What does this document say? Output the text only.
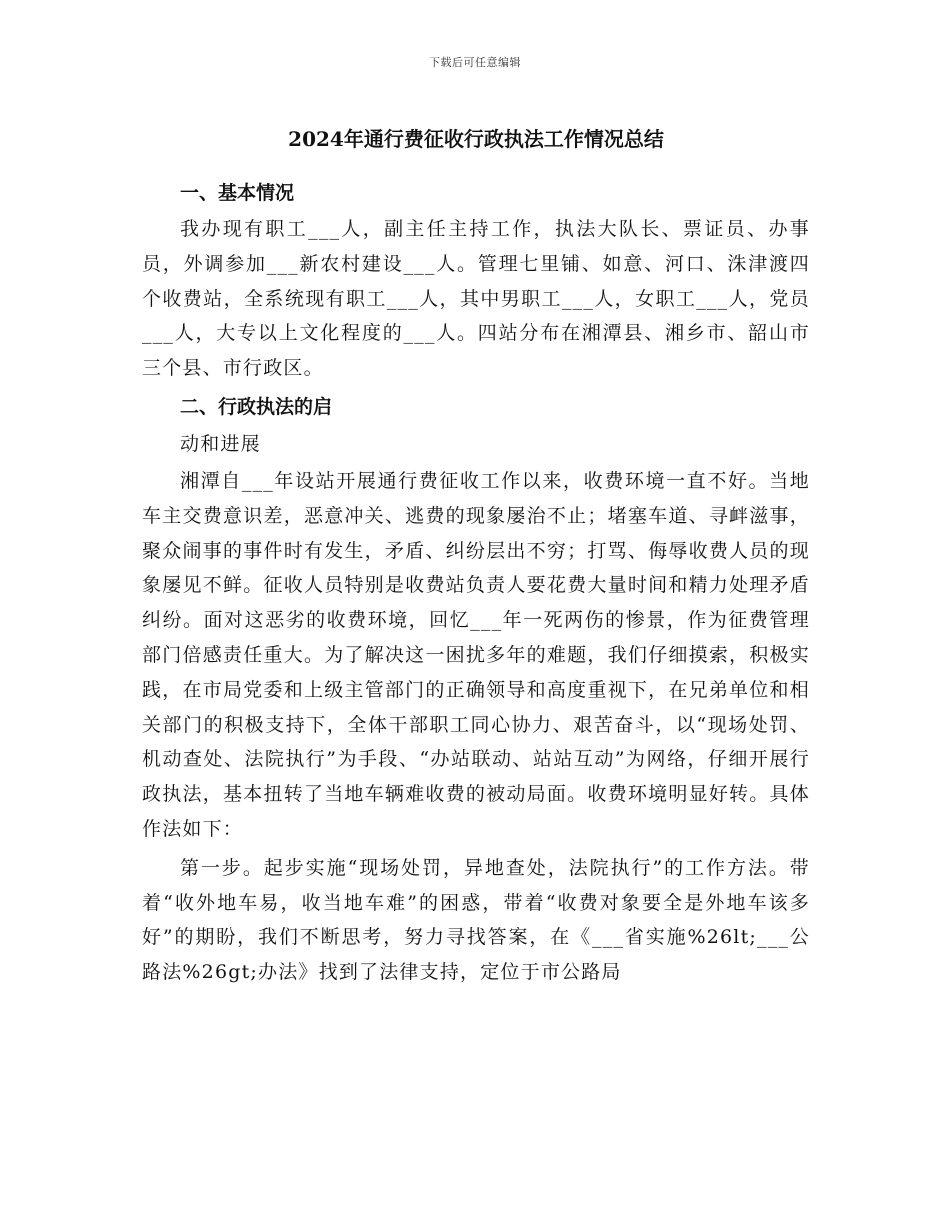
下载后可任意编辑
2024年通行费征收行政执法工作情况总结
一、基本情况
我办现有职工___人，副主任主持工作，执法大队长、票证员、办事员，外调参加___新农村建设___人。管理七里铺、如意、河口、洙津渡四个收费站，全系统现有职工___人，其中男职工___人，女职工___人，党员___人，大专以上文化程度的___人。四站分布在湘潭县、湘乡市、韶山市三个县、市行政区。
二、行政执法的启
动和进展
湘潭自___年设站开展通行费征收工作以来，收费环境一直不好。当地车主交费意识差，恶意冲关、逃费的现象屡治不止；堵塞车道、寻衅滋事，聚众闹事的事件时有发生，矛盾、纠纷层出不穷；打骂、侮辱收费人员的现象屡见不鲜。征收人员特别是收费站负责人要花费大量时间和精力处理矛盾纠纷。面对这恶劣的收费环境，回忆___年一死两伤的惨景，作为征费管理部门倍感责任重大。为了解决这一困扰多年的难题，我们仔细摸索，积极实践，在市局党委和上级主管部门的正确领导和高度重视下，在兄弟单位和相关部门的积极支持下，全体干部职工同心协力、艰苦奋斗，以“现场处罚、机动查处、法院执行”为手段、“办站联动、站站互动”为网络，仔细开展行政执法，基本扭转了当地车辆难收费的被动局面。收费环境明显好转。具体作法如下：
第一步。起步实施“现场处罚，异地查处，法院执行”的工作方法。带着“收外地车易，收当地车难”的困惑，带着“收费对象要全是外地车该多好”的期盼，我们不断思考，努力寻找答案，在《___省实施%26lt;___公路法%26gt;办法》找到了法律支持，定位于市公路局
